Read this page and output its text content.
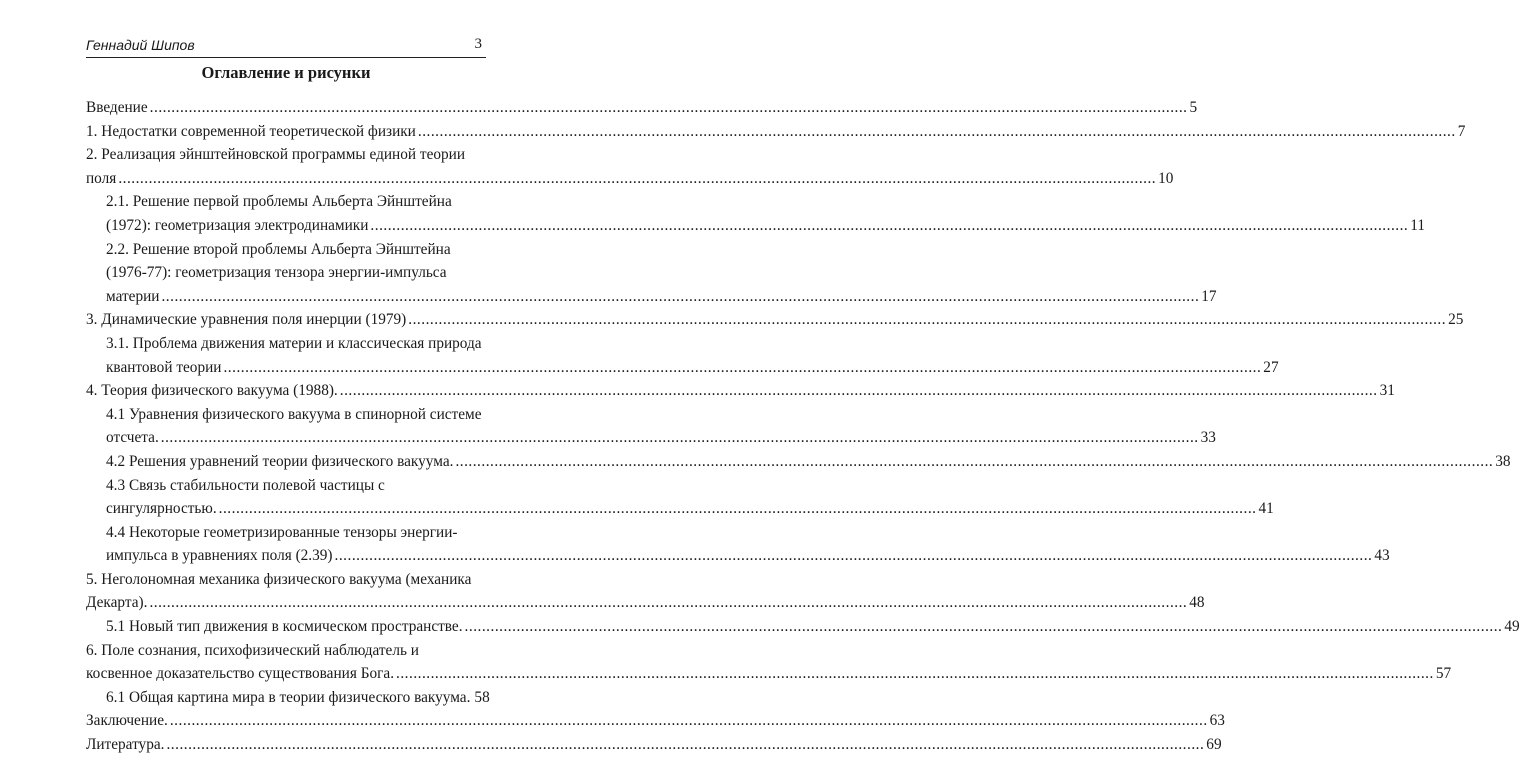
Геннадий Шипов	3
Оглавление и рисунки
Введение .....	5
1. Недостатки современной теоретической физики .....	7
2. Реализация эйнштейновской программы единой теории
поля .....	10
2.1. Решение первой проблемы Альберта Эйнштейна
(1972): геометризация электродинамики .....	11
2.2. Решение второй проблемы Альберта Эйнштейна
(1976-77): геометризация тензора энергии-импульса
материи .....	17
3. Динамические уравнения поля инерции (1979) .....	25
3.1. Проблема движения материи и классическая природа
квантовой теории .....	27
4. Теория физического вакуума (1988). .....	31
4.1 Уравнения физического вакуума в спинорной системе
отсчета. .....	33
4.2 Решения уравнений теории физического вакуума. .....	38
4.3 Связь стабильности полевой частицы с
сингулярностью. .....	41
4.4 Некоторые геометризированные тензоры энергии-
импульса в уравнениях поля (2.39) .....	43
5. Неголономная механика физического вакуума (механика
Декарта). .....	48
5.1 Новый тип движения в космическом пространстве. .....	49
6. Поле сознания, психофизический наблюдатель и
косвенное доказательство существования Бога. .....	57
6.1 Общая картина мира в теории физического вакуума. 58
Заключение. .....	63
Литература. .....	69
